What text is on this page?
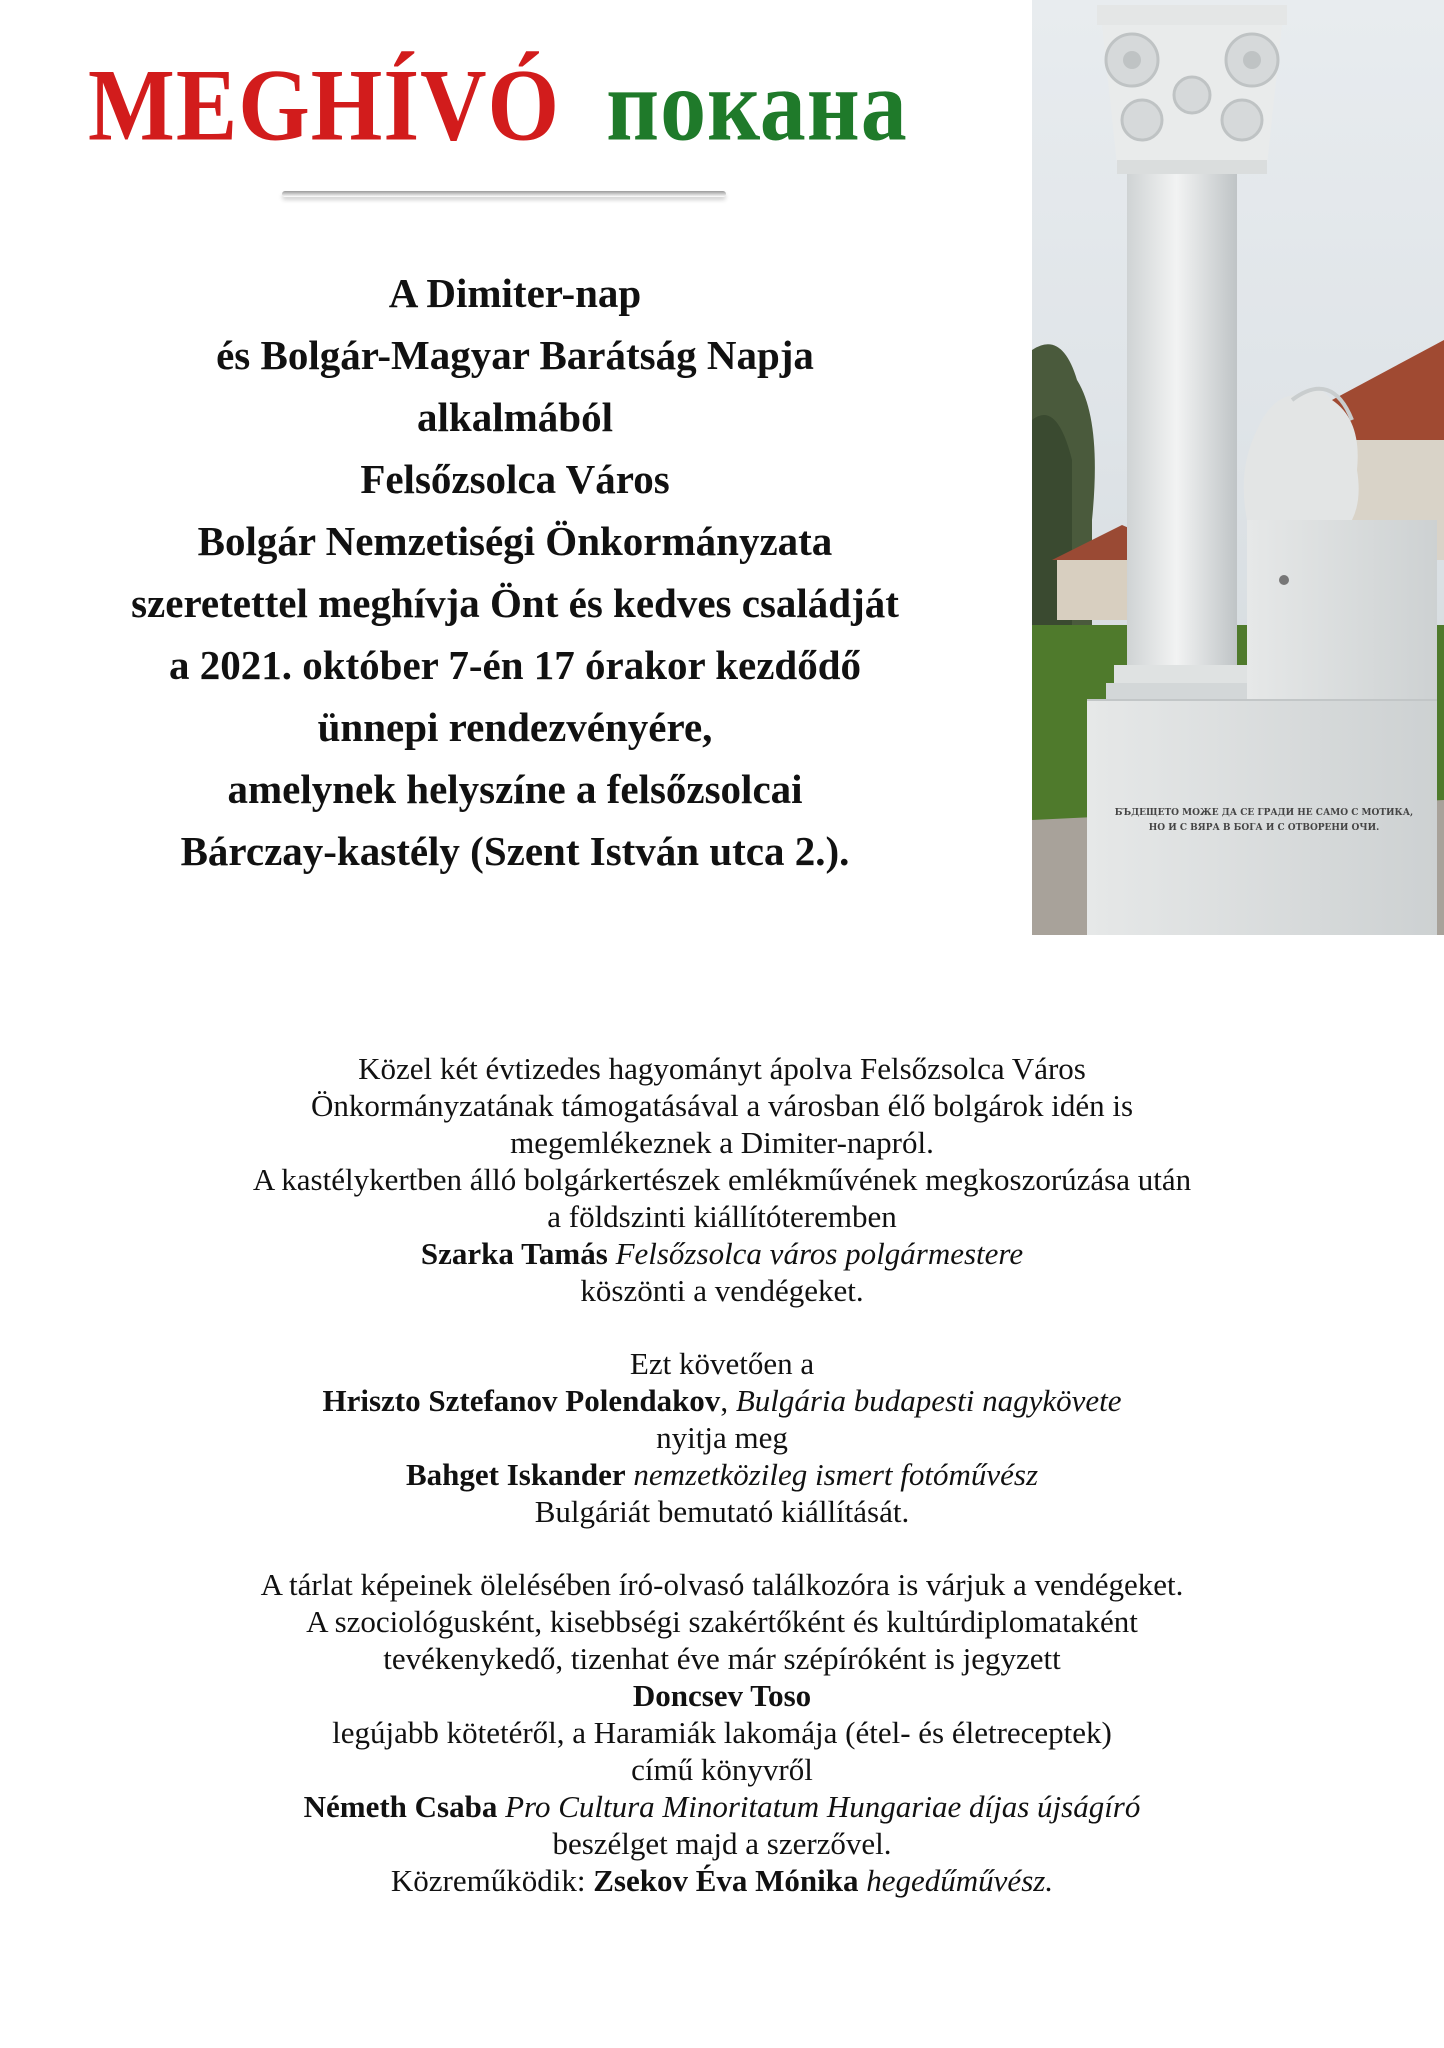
MEGHÍVÓ покана
A Dimiter-nap
és Bolgár-Magyar Barátság Napja
alkalmából
Felsőzsolca Város
Bolgár Nemzetiségi Önkormányzata
szeretettel meghívja Önt és kedves családját
a 2021. október 7-én 17 órakor kezdődő
ünnepi rendezvényére,
amelynek helyszíne a felsőzsolcai
Bárczay-kastély (Szent István utca 2.).
БЪДЕЩЕТО МОЖЕ ДА СЕ ГРАДИ НЕ САМО С МОТИКА,
НО И С ВЯРА В БОГА И С ОТВОРЕНИ ОЧИ.
Közel két évtizedes hagyományt ápolva Felsőzsolca Város
Önkormányzatának támogatásával a városban élő bolgárok idén is
megemlékeznek a Dimiter-napról.
A kastélykertben álló bolgárkertészek emlékművének megkoszorúzása után
a földszinti kiállítóteremben
Szarka Tamás Felsőzsolca város polgármestere
köszönti a vendégeket.
Ezt követően a
Hriszto Sztefanov Polendakov, Bulgária budapesti nagykövete
nyitja meg
Bahget Iskander nemzetközileg ismert fotóművész
Bulgáriát bemutató kiállítását.
A tárlat képeinek ölelésében író-olvasó találkozóra is várjuk a vendégeket.
A szociológusként, kisebbségi szakértőként és kultúrdiplomataként
tevékenykedő, tizenhat éve már szépíróként is jegyzett
Doncsev Toso
legújabb kötetéről, a Haramiák lakomája (étel- és életreceptek)
című könyvről
Németh Csaba Pro Cultura Minoritatum Hungariae díjas újságíró
beszélget majd a szerzővel.
Közreműködik: Zsekov Éva Mónika hegedűművész.
